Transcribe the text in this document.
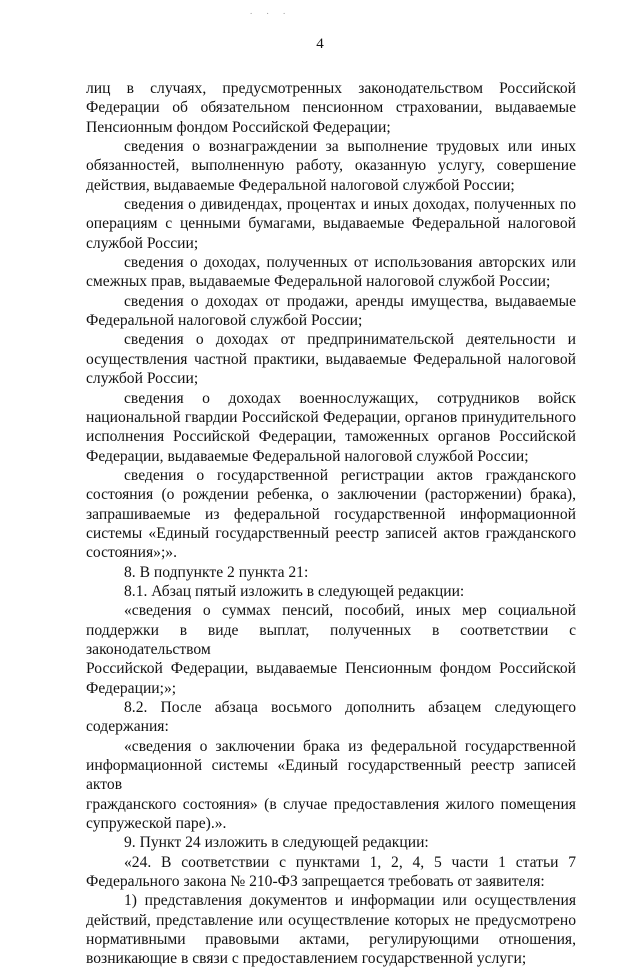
. . .
4

лиц в случаях, предусмотренных законодательством Российской

Федерации об обязательном пенсионном страховании, выдаваемые

Пенсионным фондом Российской Федерации;

сведения о вознаграждении за выполнение трудовых или иных

обязанностей, выполненную работу, оказанную услугу, совершение

действия, выдаваемые Федеральной налоговой службой России;

сведения о дивидендах, процентах и иных доходах, полученных по

операциям с ценными бумагами, выдаваемые Федеральной налоговой

службой России;

сведения о доходах, полученных от использования авторских или

смежных прав, выдаваемые Федеральной налоговой службой России;

сведения о доходах от продажи, аренды имущества, выдаваемые

Федеральной налоговой службой России;

сведения о доходах от предпринимательской деятельности и

осуществления частной практики, выдаваемые Федеральной налоговой

службой России;

сведения о доходах военнослужащих, сотрудников войск

национальной гвардии Российской Федерации, органов принудительного

исполнения Российской Федерации, таможенных органов Российской

Федерации, выдаваемые Федеральной налоговой службой России;

сведения о государственной регистрации актов гражданского

состояния (о рождении ребенка, о заключении (расторжении) брака),

запрашиваемые из федеральной государственной информационной

системы «Единый государственный реестр записей актов гражданского

состояния»;».

8. В подпункте 2 пункта 21:

8.1. Абзац пятый изложить в следующей редакции:

«сведения о суммах пенсий, пособий, иных мер социальной

поддержки в виде выплат, полученных в соответствии с законодательством

Российской Федерации, выдаваемые Пенсионным фондом Российской

Федерации;»;

8.2. После абзаца восьмого дополнить абзацем следующего

содержания:

«сведения о заключении брака из федеральной государственной

информационной системы «Единый государственный реестр записей актов

гражданского состояния» (в случае предоставления жилого помещения

супружеской паре).».

9. Пункт 24 изложить в следующей редакции:

«24. В соответствии с пунктами 1, 2, 4, 5 части 1 статьи 7

Федерального закона № 210-ФЗ запрещается требовать от заявителя:

1) представления документов и информации или осуществления

действий, представление или осуществление которых не предусмотрено

нормативными правовыми актами, регулирующими отношения,

возникающие в связи с предоставлением государственной услуги;
